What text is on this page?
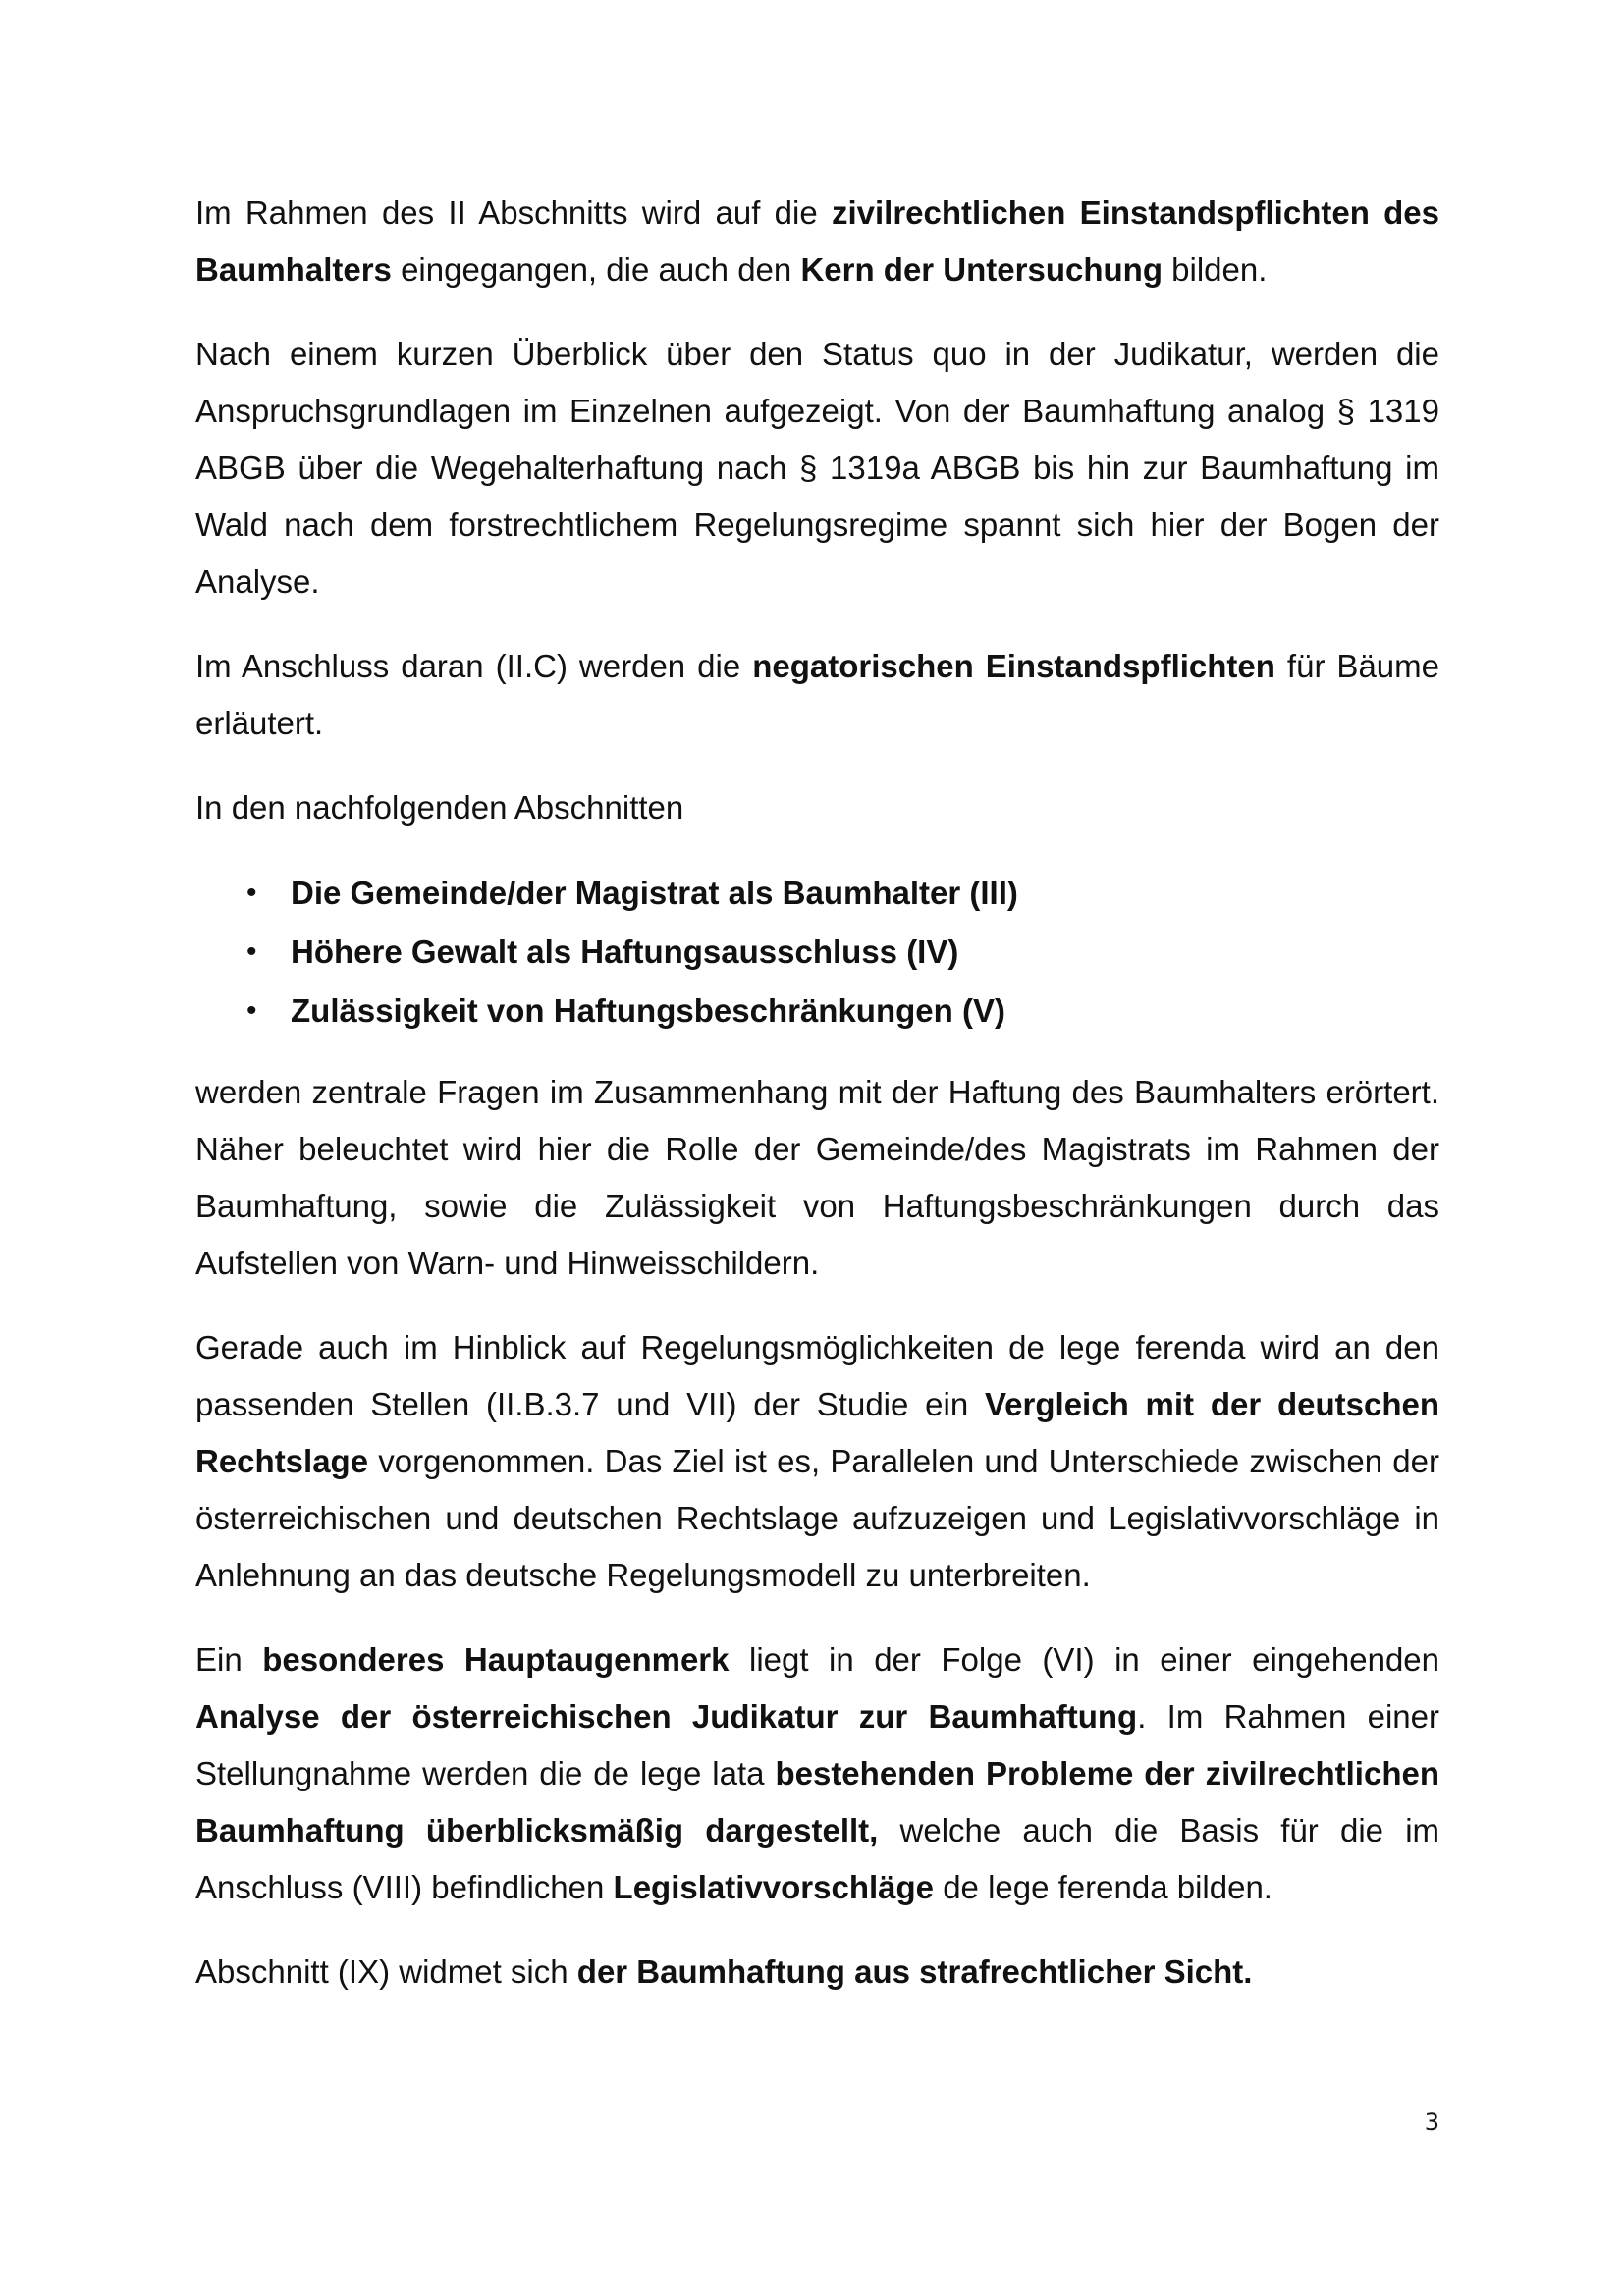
Im Rahmen des II Abschnitts wird auf die zivilrechtlichen Einstandspflichten des Baumhalters eingegangen, die auch den Kern der Untersuchung bilden.

Nach einem kurzen Überblick über den Status quo in der Judikatur, werden die Anspruchsgrundlagen im Einzelnen aufgezeigt. Von der Baumhaftung analog § 1319 ABGB über die Wegehalterhaftung nach § 1319a ABGB bis hin zur Baumhaftung im Wald nach dem forstrechtlichem Regelungsregime spannt sich hier der Bogen der Analyse.

Im Anschluss daran (II.C) werden die negatorischen Einstandspflichten für Bäume erläutert.

In den nachfolgenden Abschnitten

• Die Gemeinde/der Magistrat als Baumhalter (III)
• Höhere Gewalt als Haftungsausschluss (IV)
• Zulässigkeit von Haftungsbeschränkungen (V)

werden zentrale Fragen im Zusammenhang mit der Haftung des Baumhalters erörtert. Näher beleuchtet wird hier die Rolle der Gemeinde/des Magistrats im Rahmen der Baumhaftung, sowie die Zulässigkeit von Haftungsbeschränkungen durch das Aufstellen von Warn- und Hinweisschildern.

Gerade auch im Hinblick auf Regelungsmöglichkeiten de lege ferenda wird an den passenden Stellen (II.B.3.7 und VII) der Studie ein Vergleich mit der deutschen Rechtslage vorgenommen. Das Ziel ist es, Parallelen und Unterschiede zwischen der österreichischen und deutschen Rechtslage aufzuzeigen und Legislativvorschläge in Anlehnung an das deutsche Regelungsmodell zu unterbreiten.

Ein besonderes Hauptaugenmerk liegt in der Folge (VI) in einer eingehenden Analyse der österreichischen Judikatur zur Baumhaftung. Im Rahmen einer Stellungnahme werden die de lege lata bestehenden Probleme der zivilrechtlichen Baumhaftung überblicksmäßig dargestellt, welche auch die Basis für die im Anschluss (VIII) befindlichen Legislativvorschläge de lege ferenda bilden.

Abschnitt (IX) widmet sich der Baumhaftung aus strafrechtlicher Sicht.

3
